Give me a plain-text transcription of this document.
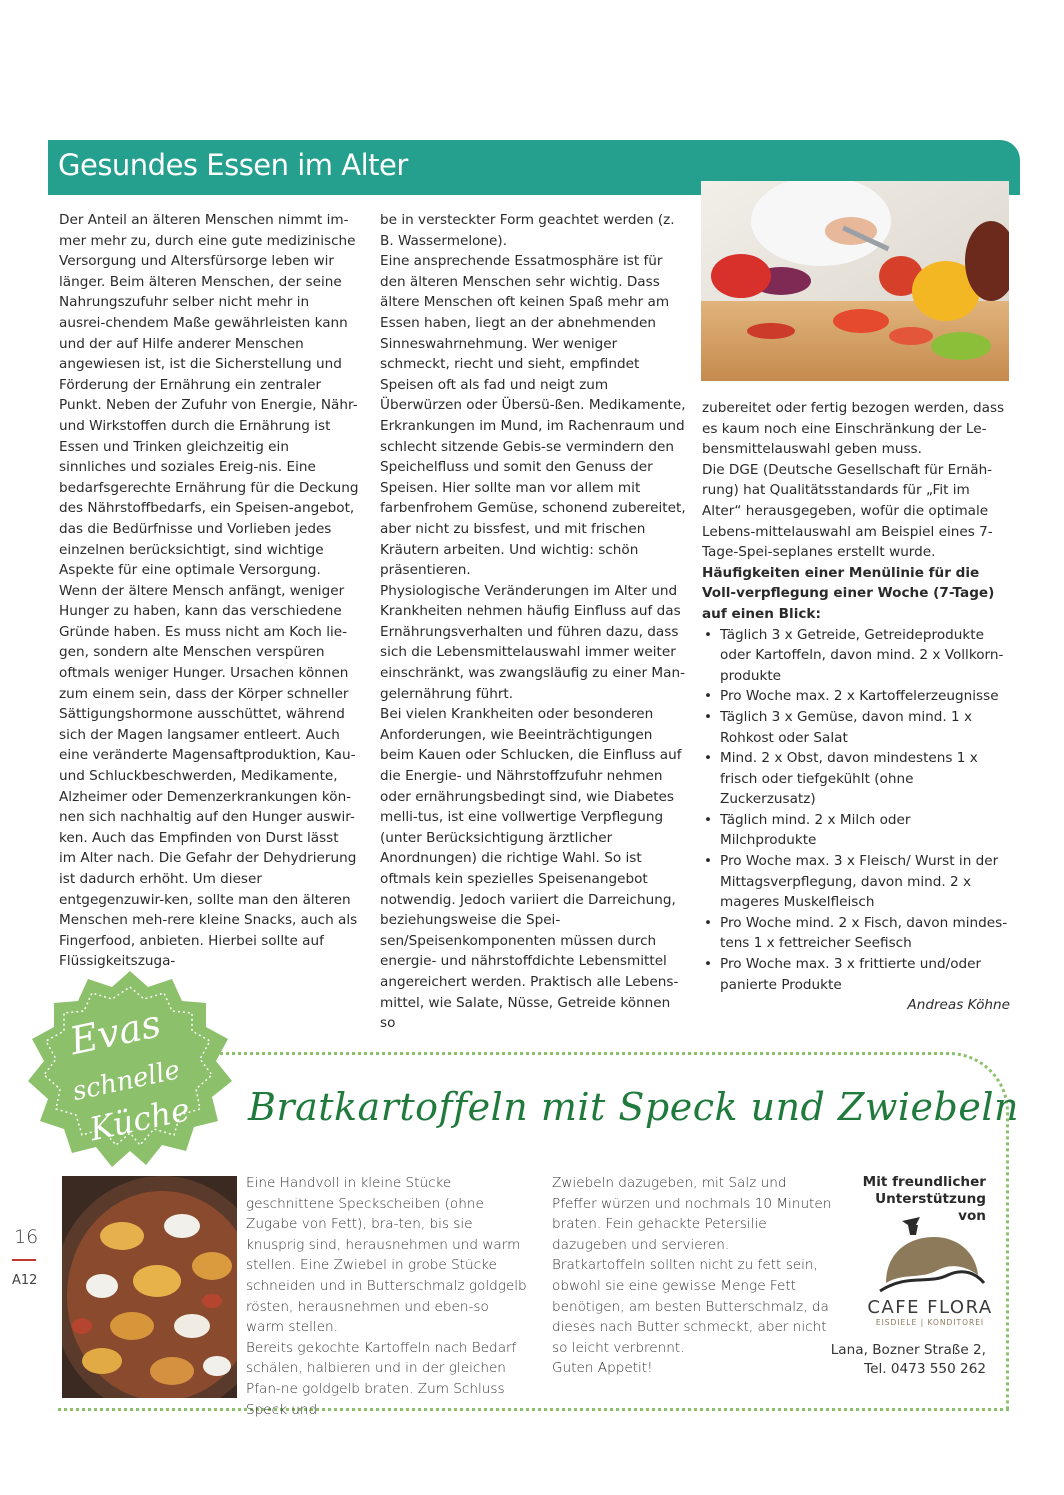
Gesundes Essen im Alter

Der Anteil an älteren Menschen nimmt im-mer mehr zu, durch eine gute medizinische Versorgung und Altersfürsorge leben wir länger. Beim älteren Menschen, der seine Nahrungszufuhr selber nicht mehr in ausrei-chendem Maße gewährleisten kann und der auf Hilfe anderer Menschen angewiesen ist, ist die Sicherstellung und Förderung der Ernährung ein zentraler Punkt. Neben der Zufuhr von Energie, Nähr- und Wirkstoffen durch die Ernährung ist Essen und Trinken gleichzeitig ein sinnliches und soziales Ereig-nis. Eine bedarfsgerechte Ernährung für die Deckung des Nährstoffbedarfs, ein Speisen-angebot, das die Bedürfnisse und Vorlieben jedes einzelnen berücksichtigt, sind wichtige Aspekte für eine optimale Versorgung.

Wenn der ältere Mensch anfängt, weniger Hunger zu haben, kann das verschiedene Gründe haben. Es muss nicht am Koch lie-gen, sondern alte Menschen verspüren oftmals weniger Hunger. Ursachen können zum einem sein, dass der Körper schneller Sättigungshormone ausschüttet, während sich der Magen langsamer entleert. Auch eine veränderte Magensaftproduktion, Kau- und Schluckbeschwerden, Medikamente, Alzheimer oder Demenzerkrankungen kön-nen sich nachhaltig auf den Hunger auswir-ken. Auch das Empfinden von Durst lässt im Alter nach. Die Gefahr der Dehydrierung ist dadurch erhöht. Um dieser entgegenzuwir-ken, sollte man den älteren Menschen meh-rere kleine Snacks, auch als Fingerfood, anbieten. Hierbei sollte auf Flüssigkeitszuga-

be in versteckter Form geachtet werden (z. B. Wassermelone).

Eine ansprechende Essatmosphäre ist für den älteren Menschen sehr wichtig. Dass ältere Menschen oft keinen Spaß mehr am Essen haben, liegt an der abnehmenden Sinneswahrnehmung. Wer weniger schmeckt, riecht und sieht, empfindet Speisen oft als fad und neigt zum Überwürzen oder Übersü-ßen. Medikamente, Erkrankungen im Mund, im Rachenraum und schlecht sitzende Gebis-se vermindern den Speichelfluss und somit den Genuss der Speisen. Hier sollte man vor allem mit farbenfrohem Gemüse, schonend zubereitet, aber nicht zu bissfest, und mit frischen Kräutern arbeiten. Und wichtig: schön präsentieren.

Physiologische Veränderungen im Alter und Krankheiten nehmen häufig Einfluss auf das Ernährungsverhalten und führen dazu, dass sich die Lebensmittelauswahl immer weiter einschränkt, was zwangsläufig zu einer Man-gelernährung führt.

Bei vielen Krankheiten oder besonderen Anforderungen, wie Beeinträchtigungen beim Kauen oder Schlucken, die Einfluss auf die Energie- und Nährstoffzufuhr nehmen oder ernährungsbedingt sind, wie Diabetes melli-tus, ist eine vollwertige Verpflegung (unter Berücksichtigung ärztlicher Anordnungen) die richtige Wahl. So ist oftmals kein spezielles Speisenangebot notwendig. Jedoch variiert die Darreichung, beziehungsweise die Spei-sen/Speisenkomponenten müssen durch energie- und nährstoffdichte Lebensmittel angereichert werden. Praktisch alle Lebens-mittel, wie Salate, Nüsse, Getreide können so

zubereitet oder fertig bezogen werden, dass es kaum noch eine Einschränkung der Le-bensmittelauswahl geben muss.

Die DGE (Deutsche Gesellschaft für Ernäh-rung) hat Qualitätsstandards für „Fit im Alter“ herausgegeben, wofür die optimale Lebens-mittelauswahl am Beispiel eines 7-Tage-Spei-seplanes erstellt wurde.

Häufigkeiten einer Menülinie für die Voll-verpflegung einer Woche (7-Tage) auf einen Blick:

• Täglich 3 x Getreide, Getreideprodukte oder Kartoffeln, davon mind. 2 x Vollkorn-produkte
• Pro Woche max. 2 x Kartoffelerzeugnisse
• Täglich 3 x Gemüse, davon mind. 1 x Rohkost oder Salat
• Mind. 2 x Obst, davon mindestens 1 x frisch oder tiefgekühlt (ohne Zuckerzusatz)
• Täglich mind. 2 x Milch oder Milchprodukte
• Pro Woche max. 3 x Fleisch/ Wurst in der Mittagsverpflegung, davon mind. 2 x mageres Muskelfleisch
• Pro Woche mind. 2 x Fisch, davon mindes-tens 1 x fettreicher Seefisch
• Pro Woche max. 3 x frittierte und/oder panierte Produkte

Andreas Köhne

Evas
schnelle
Küche Bratkartoffeln mit Speck und Zwiebeln

Eine Handvoll in kleine Stücke geschnittene Speckscheiben (ohne Zugabe von Fett), bra-ten, bis sie knusprig sind, herausnehmen und warm stellen. Eine Zwiebel in grobe Stücke schneiden und in Butterschmalz goldgelb rösten, herausnehmen und eben-so warm stellen.

Bereits gekochte Kartoffeln nach Bedarf schälen, halbieren und in der gleichen Pfan-ne goldgelb braten. Zum Schluss Speck und

Zwiebeln dazugeben, mit Salz und Pfeffer würzen und nochmals 10 Minuten braten. Fein gehackte Petersilie dazugeben und servieren.

Bratkartoffeln sollten nicht zu fett sein, obwohl sie eine gewisse Menge Fett benötigen, am besten Butterschmalz, da dieses nach Butter schmeckt, aber nicht so leicht verbrennt.

Guten Appetit!

Mit freundlicher Unterstützung von
CAFE FLORA
EISDIELE | KONDITOREI
Lana, Bozner Straße 2,
Tel. 0473 550 262
16
A12
